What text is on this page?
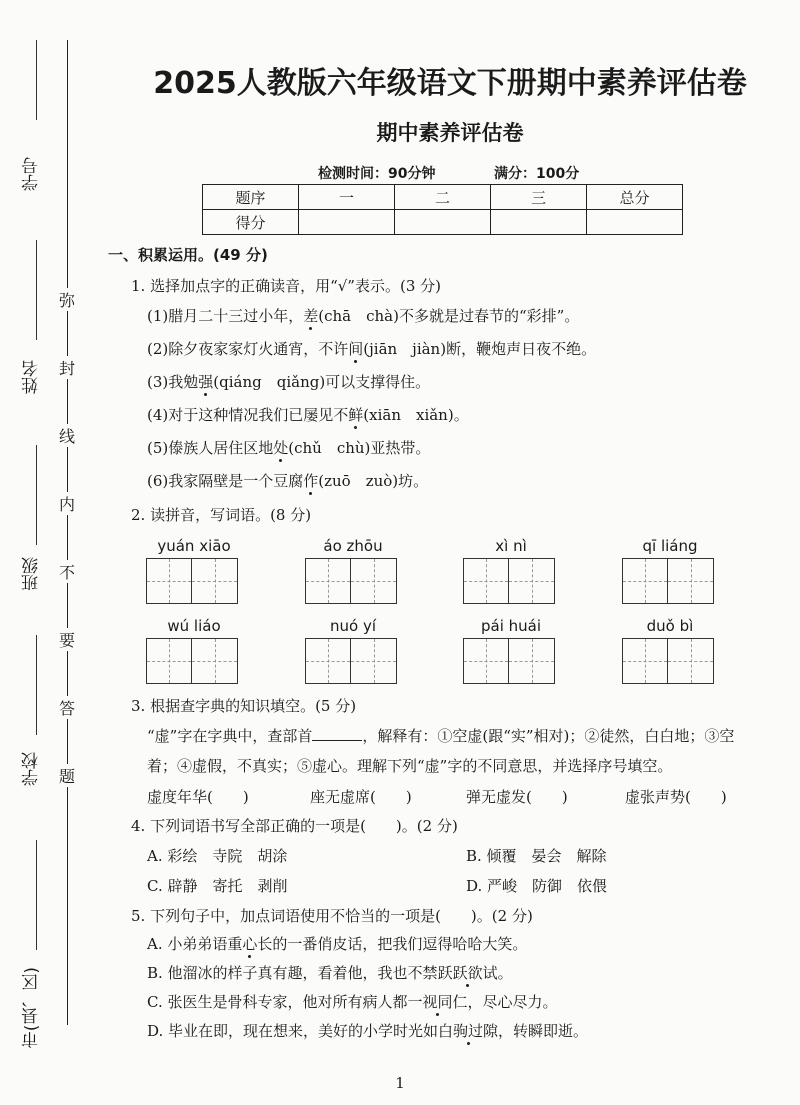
学号
姓名
班级
学校
市(县、区)
弥
封
线
内
不
要
答
题
2025人教版六年级语文下册期中素养评估卷
期中素养评估卷
检测时间：90分钟	满分：100分
题序	一	二	三	总分
得分				
一、积累运用。(49 分)
1. 选择加点字的正确读音，用“√”表示。(3 分)
(1)腊月二十三过小年，差(chā　chà)不多就是过春节的“彩排”。
(2)除夕夜家家灯火通宵，不许间(jiān　jiàn)断，鞭炮声日夜不绝。
(3)我勉强(qiáng　qiǎng)可以支撑得住。
(4)对于这种情况我们已屡见不鲜(xiān　xiǎn)。
(5)傣族人居住区地处(chǔ　chù)亚热带。
(6)我家隔壁是一个豆腐作(zuō　zuò)坊。
2. 读拼音，写词语。(8 分)
yuán xiāo	áo zhōu	xì nì	qī liáng
wú liáo	nuó yí	pái huái	duǒ bì
3. 根据查字典的知识填空。(5 分)
“虚”字在字典中，查部首	，解释有：①空虚(跟“实”相对)；②徒然，白白地；③空
着；④虚假，不真实；⑤虚心。理解下列“虚”字的不同意思，并选择序号填空。
虚度年华(　　)	座无虚席(　　)	弹无虚发(　　)	虚张声势(　　)
4. 下列词语书写全部正确的一项是(　　)。(2 分)
A. 彩绘　寺院　胡涂	B. 倾覆　晏会　解除
C. 辟静　寄托　剥削	D. 严峻　防御　依偎
5. 下列句子中，加点词语使用不恰当的一项是(　　)。(2 分)
A. 小弟弟语重心长的一番俏皮话，把我们逗得哈哈大笑。
B. 他溜冰的样子真有趣，看着他，我也不禁跃跃欲试。
C. 张医生是骨科专家，他对所有病人都一视同仁，尽心尽力。
D. 毕业在即，现在想来，美好的小学时光如白驹过隙，转瞬即逝。
1
